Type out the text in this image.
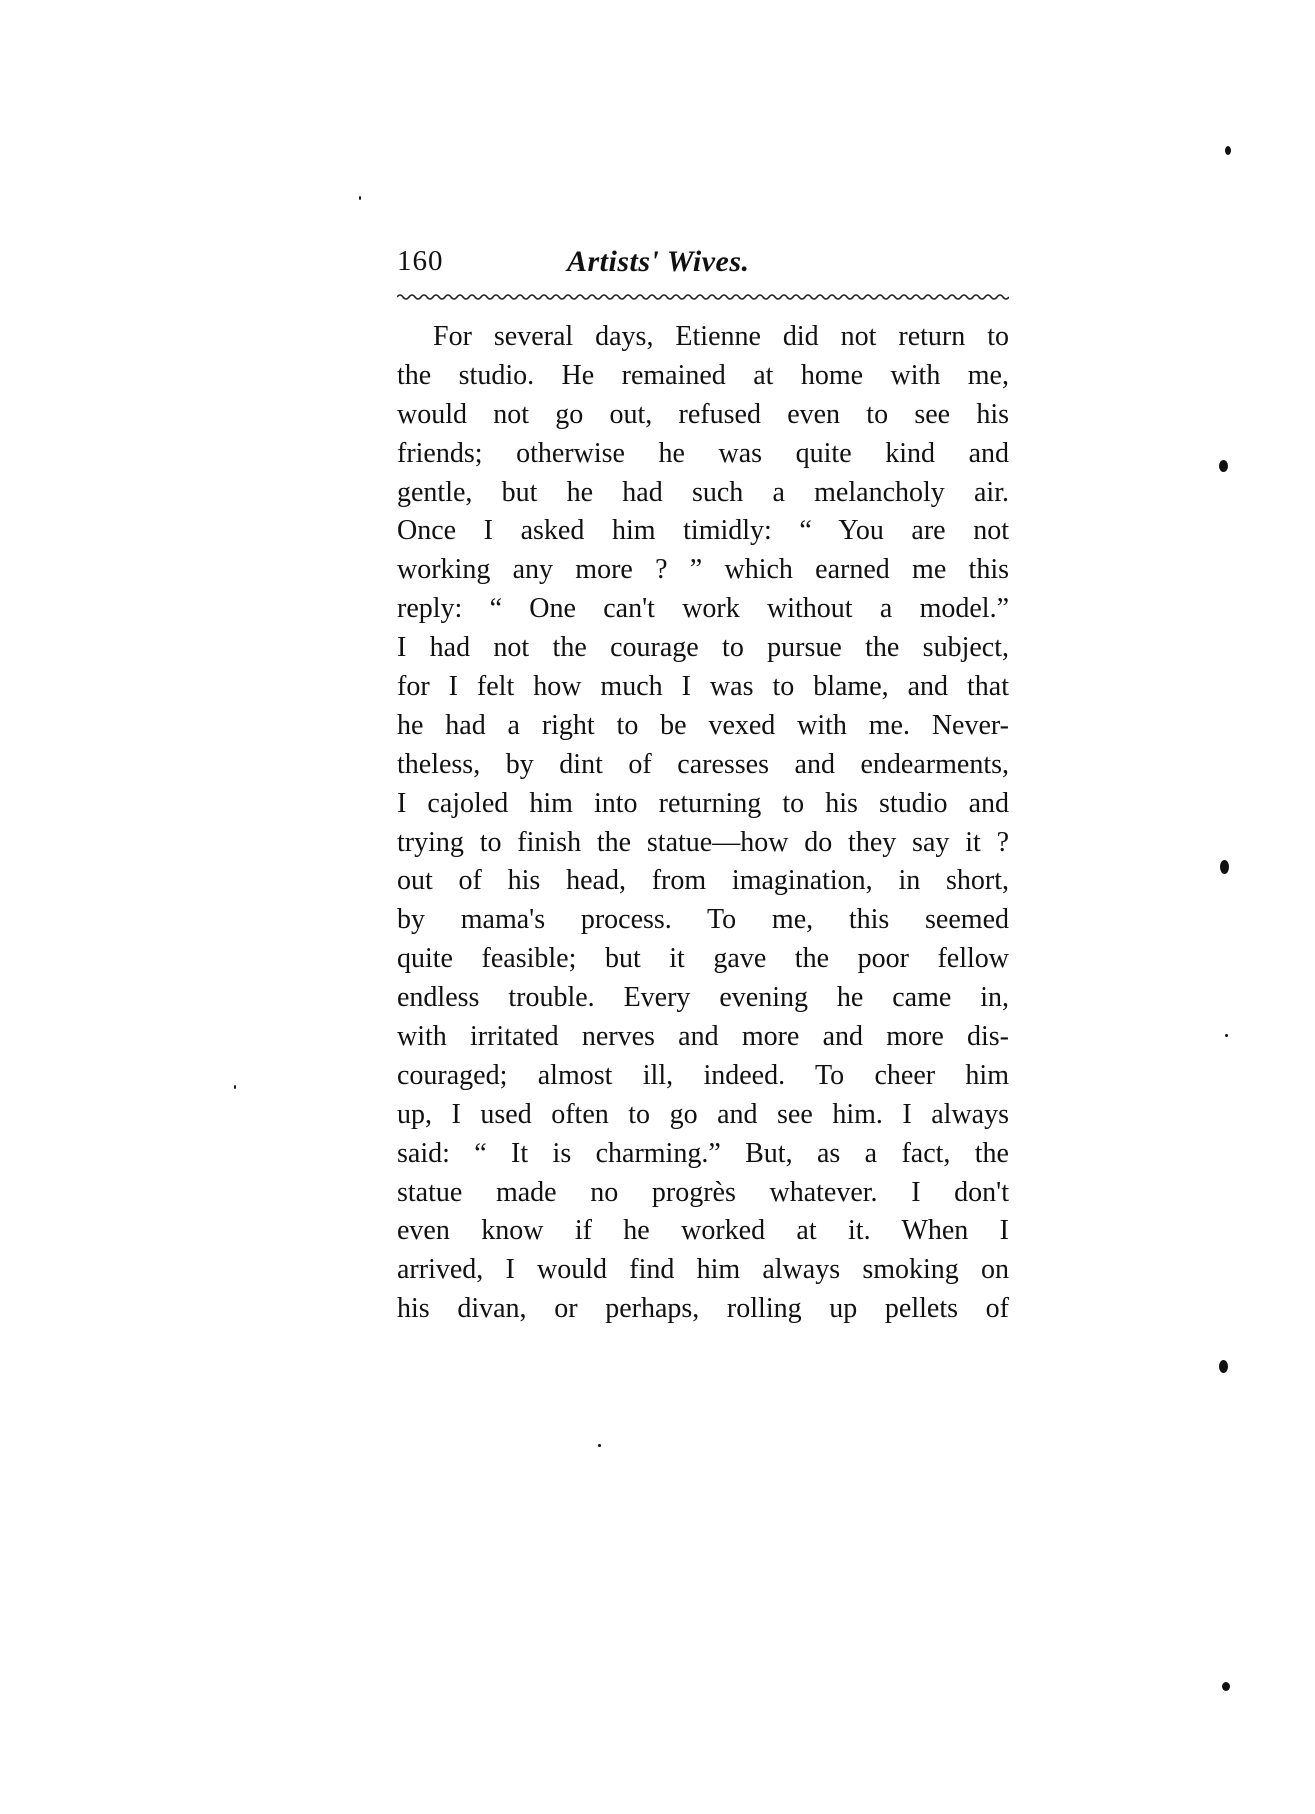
160	Artists' Wives.
For several days, Etienne did not return to
the studio. He remained at home with me,
would not go out, refused even to see his
friends; otherwise he was quite kind and
gentle, but he had such a melancholy air.
Once I asked him timidly: “ You are not
working any more ? ” which earned me this
reply: “ One can't work without a model.”
I had not the courage to pursue the subject,
for I felt how much I was to blame, and that
he had a right to be vexed with me. Never-
theless, by dint of caresses and endearments,
I cajoled him into returning to his studio and
trying to finish the statue—how do they say it ?
out of his head, from imagination, in short,
by mama's process. To me, this seemed
quite feasible; but it gave the poor fellow
endless trouble. Every evening he came in,
with irritated nerves and more and more dis-
couraged; almost ill, indeed. To cheer him
up, I used often to go and see him. I always
said: “ It is charming.” But, as a fact, the
statue made no progrès whatever. I don't
even know if he worked at it. When I
arrived, I would find him always smoking on
his divan, or perhaps, rolling up pellets of
